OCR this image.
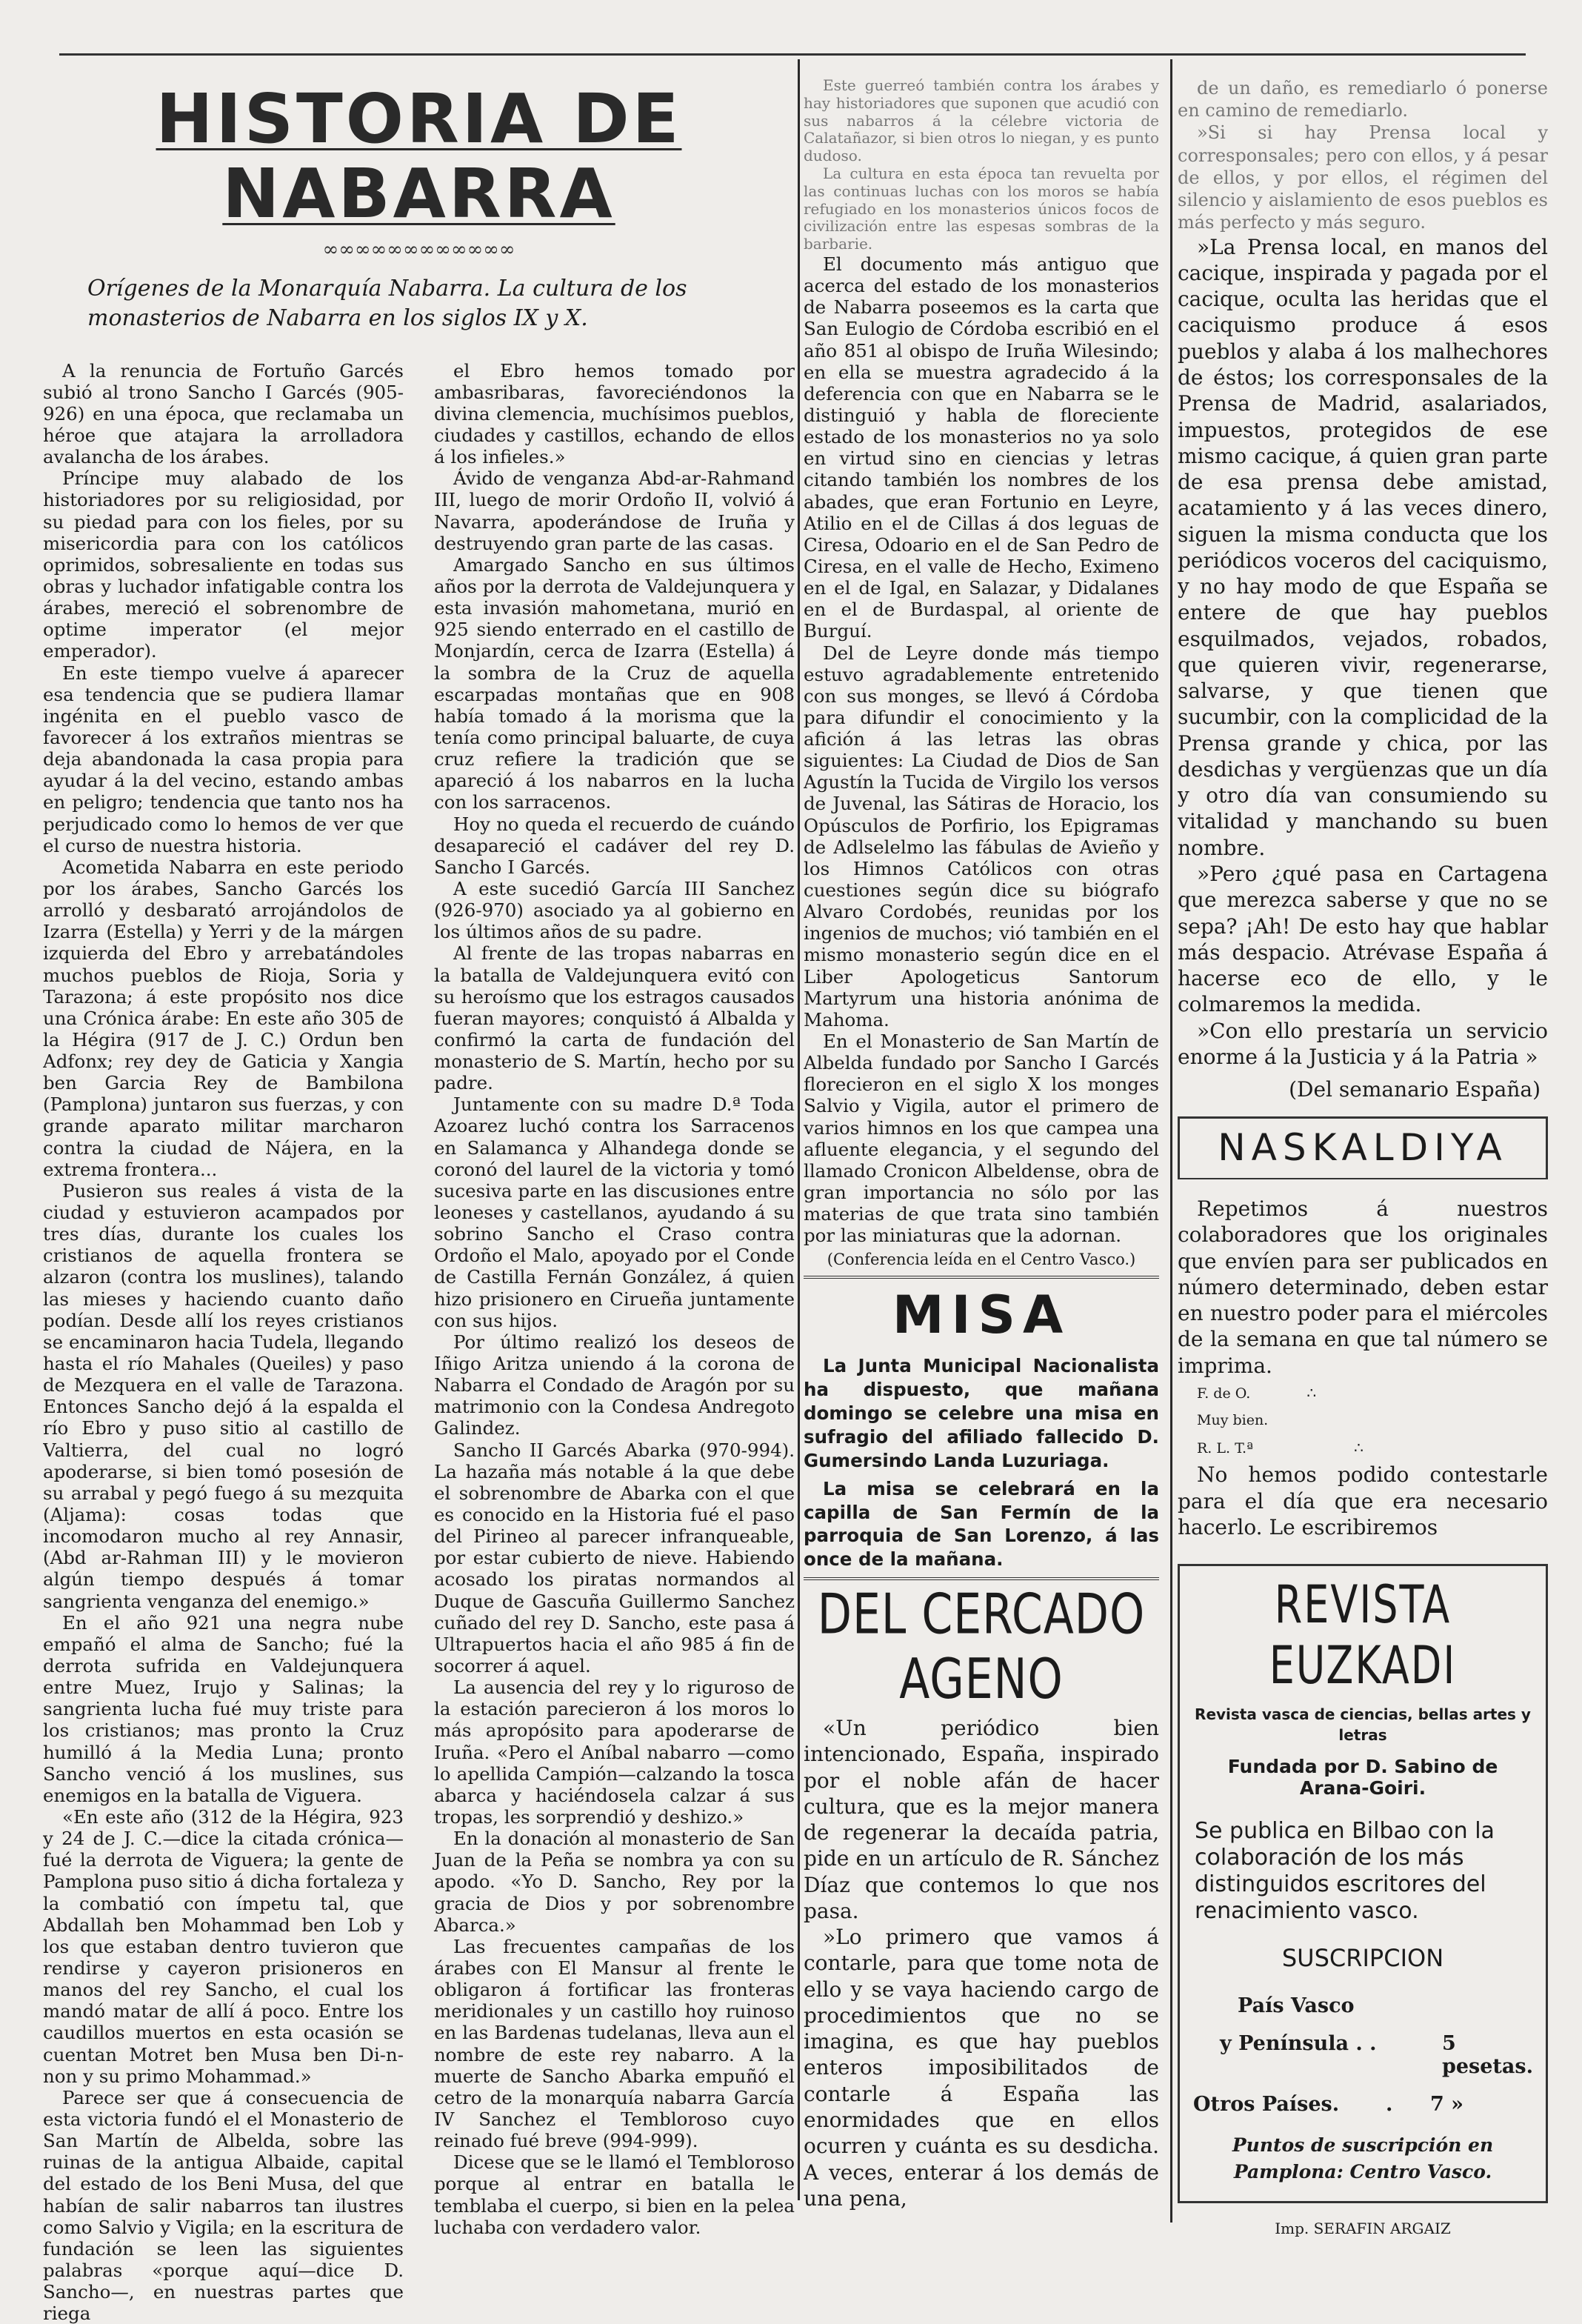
HISTORIA DE NABARRA
∞∞∞∞∞∞∞∞∞∞∞∞
Orígenes de la Monarquía Nabarra. La cultura de los monasterios de Nabarra en los siglos IX y X.

A la renuncia de Fortuño Garcés subió al trono Sancho I Garcés (905-926) en una época, que reclamaba un héroe que atajara la arrolladora avalancha de los árabes.

Príncipe muy alabado de los historiadores por su religiosidad, por su piedad para con los fieles, por su misericordia para con los católicos oprimidos, sobresaliente en todas sus obras y luchador infatigable contra los árabes, mereció el sobrenombre de optime imperator (el mejor emperador).

En este tiempo vuelve á aparecer esa tendencia que se pudiera llamar ingénita en el pueblo vasco de favorecer á los extraños mientras se deja abandonada la casa propia para ayudar á la del vecino, estando ambas en peligro; tendencia que tanto nos ha perjudicado como lo hemos de ver que el curso de nuestra historia.

Acometida Nabarra en este periodo por los árabes, Sancho Garcés los arrolló y desbarató arrojándolos de Izarra (Estella) y Yerri y de la márgen izquierda del Ebro y arrebatándoles muchos pueblos de Rioja, Soria y Tarazona; á este propósito nos dice una Crónica árabe: En este año 305 de la Hégira (917 de J. C.) Ordun ben Adfonx; rey dey de Gaticia y Xangia ben Garcia Rey de Bambilona (Pamplona) juntaron sus fuerzas, y con grande aparato militar marcharon contra la ciudad de Nájera, en la extrema frontera...

Pusieron sus reales á vista de la ciudad y estuvieron acampados por tres días, durante los cuales los cristianos de aquella frontera se alzaron (contra los muslines), talando las mieses y haciendo cuanto daño podían. Desde allí los reyes cristianos se encaminaron hacia Tudela, llegando hasta el río Mahales (Queiles) y paso de Mezquera en el valle de Tarazona. Entonces Sancho dejó á la espalda el río Ebro y puso sitio al castillo de Valtierra, del cual no logró apoderarse, si bien tomó posesión de su arrabal y pegó fuego á su mezquita (Aljama): cosas todas que incomodaron mucho al rey Annasir, (Abd ar-Rahman III) y le movieron algún tiempo después á tomar sangrienta venganza del enemigo.»

En el año 921 una negra nube empañó el alma de Sancho; fué la derrota sufrida en Valdejunquera entre Muez, Irujo y Salinas; la sangrienta lucha fué muy triste para los cristianos; mas pronto la Cruz humilló á la Media Luna; pronto Sancho venció á los muslines, sus enemigos en la batalla de Viguera.

«En este año (312 de la Hégira, 923 y 24 de J. C.—dice la citada crónica—fué la derrota de Viguera; la gente de Pamplona puso sitio á dicha fortaleza y la combatió con ímpetu tal, que Abdallah ben Mohammad ben Lob y los que estaban dentro tuvieron que rendirse y cayeron prisioneros en manos del rey Sancho, el cual los mandó matar de allí á poco. Entre los caudillos muertos en esta ocasión se cuentan Motret ben Musa ben Di-n-non y su primo Mohammad.»

Parece ser que á consecuencia de esta victoria fundó el el Monasterio de San Martín de Albelda, sobre las ruinas de la antigua Albaide, capital del estado de los Beni Musa, del que habían de salir nabarros tan ilustres como Salvio y Vigila; en la escritura de fundación se leen las siguientes palabras «porque aquí—dice D. Sancho—, en nuestras partes que riega

el Ebro hemos tomado por ambasribaras, favoreciéndonos la divina clemencia, muchísimos pueblos, ciudades y castillos, echando de ellos á los infieles.»

Ávido de venganza Abd-ar-Rahmand III, luego de morir Ordoño II, volvió á Navarra, apoderándose de Iruña y destruyendo gran parte de las casas.

Amargado Sancho en sus últimos años por la derrota de Valdejunquera y esta invasión mahometana, murió en 925 siendo enterrado en el castillo de Monjardín, cerca de Izarra (Estella) á la sombra de la Cruz de aquella escarpadas montañas que en 908 había tomado á la morisma que la tenía como principal baluarte, de cuya cruz refiere la tradición que se apareció á los nabarros en la lucha con los sarracenos.

Hoy no queda el recuerdo de cuándo desapareció el cadáver del rey D. Sancho I Garcés.

A este sucedió García III Sanchez (926-970) asociado ya al gobierno en los últimos años de su padre.

Al frente de las tropas nabarras en la batalla de Valdejunquera evitó con su heroísmo que los estragos causados fueran mayores; conquistó á Albalda y confirmó la carta de fundación del monasterio de S. Martín, hecho por su padre.

Juntamente con su madre D.ª Toda Azoarez luchó contra los Sarracenos en Salamanca y Alhandega donde se coronó del laurel de la victoria y tomó sucesiva parte en las discusiones entre leoneses y castellanos, ayudando á su sobrino Sancho el Craso contra Ordoño el Malo, apoyado por el Conde de Castilla Fernán González, á quien hizo prisionero en Cirueña juntamente con sus hijos.

Por último realizó los deseos de Iñigo Aritza uniendo á la corona de Nabarra el Condado de Aragón por su matrimonio con la Condesa Andregoto Galindez.

Sancho II Garcés Abarka (970-994). La hazaña más notable á la que debe el sobrenombre de Abarka con el que es conocido en la Historia fué el paso del Pirineo al parecer infranqueable, por estar cubierto de nieve. Habiendo acosado los piratas normandos al Duque de Gascuña Guillermo Sanchez cuñado del rey D. Sancho, este pasa á Ultrapuertos hacia el año 985 á fin de socorrer á aquel.

La ausencia del rey y lo riguroso de la estación parecieron á los moros lo más apropósito para apoderarse de Iruña. «Pero el Aníbal nabarro —como lo apellida Campión—calzando la tosca abarca y haciéndosela calzar á sus tropas, les sorprendió y deshizo.»

En la donación al monasterio de San Juan de la Peña se nombra ya con su apodo. «Yo D. Sancho, Rey por la gracia de Dios y por sobrenombre Abarca.»

Las frecuentes campañas de los árabes con El Mansur al frente le obligaron á fortificar las fronteras meridionales y un castillo hoy ruinoso en las Bardenas tudelanas, lleva aun el nombre de este rey nabarro. A la muerte de Sancho Abarka empuñó el cetro de la monarquía nabarra García IV Sanchez el Tembloroso cuyo reinado fué breve (994-999).

Dicese que se le llamó el Tembloroso porque al entrar en batalla le temblaba el cuerpo, si bien en la pelea luchaba con verdadero valor.

Este guerreó también contra los árabes y hay historiadores que suponen que acudió con sus nabarros á la célebre victoria de Calatañazor, si bien otros lo niegan, y es punto dudoso.

La cultura en esta época tan revuelta por las continuas luchas con los moros se había refugiado en los monasterios únicos focos de civilización entre las espesas sombras de la barbarie.

El documento más antiguo que acerca del estado de los monasterios de Nabarra poseemos es la carta que San Eulogio de Córdoba escribió en el año 851 al obispo de Iruña Wilesindo; en ella se muestra agradecido á la deferencia con que en Nabarra se le distinguió y habla de floreciente estado de los monasterios no ya solo en virtud sino en ciencias y letras citando también los nombres de los abades, que eran Fortunio en Leyre, Atilio en el de Cillas á dos leguas de Ciresa, Odoario en el de San Pedro de Ciresa, en el valle de Hecho, Eximeno en el de Igal, en Salazar, y Didalanes en el de Burdaspal, al oriente de Burguí.

Del de Leyre donde más tiempo estuvo agradablemente entretenido con sus monges, se llevó á Córdoba para difundir el conocimiento y la afición á las letras las obras siguientes: La Ciudad de Dios de San Agustín la Tucida de Virgilo los versos de Juvenal, las Sátiras de Horacio, los Opúsculos de Porfirio, los Epigramas de Adlselelmo las fábulas de Avieño y los Himnos Católicos con otras cuestiones según dice su biógrafo Alvaro Cordobés, reunidas por los ingenios de muchos; vió también en el mismo monasterio según dice en el Liber Apologeticus Santorum Martyrum una historia anónima de Mahoma.

En el Monasterio de San Martín de Albelda fundado por Sancho I Garcés florecieron en el siglo X los monges Salvio y Vigila, autor el primero de varios himnos en los que campea una afluente elegancia, y el segundo del llamado Cronicon Albeldense, obra de gran importancia no sólo por las materias de que trata sino también por las miniaturas que la adornan.

(Conferencia leída en el Centro Vasco.)
MISA

La Junta Municipal Nacionalista ha dispuesto, que mañana domingo se celebre una misa en sufragio del afiliado fallecido D. Gumersindo Landa Luzuriaga.

La misa se celebrará en la capilla de San Fermín de la parroquia de San Lorenzo, á las once de la mañana.

DEL CERCADO AGENO

«Un periódico bien intencionado, España, inspirado por el noble afán de hacer cultura, que es la mejor manera de regenerar la decaída patria, pide en un artículo de R. Sánchez Díaz que contemos lo que nos pasa.

»Lo primero que vamos á contarle, para que tome nota de ello y se vaya haciendo cargo de procedimientos que no se imagina, es que hay pueblos enteros imposibilitados de contarle á España las enormidades que en ellos ocurren y cuánta es su desdicha. A veces, enterar á los demás de una pena,

de un daño, es remediarlo ó ponerse en camino de remediarlo.

»Si si hay Prensa local y corresponsales; pero con ellos, y á pesar de ellos, y por ellos, el régimen del silencio y aislamiento de esos pueblos es más perfecto y más seguro.

»La Prensa local, en manos del cacique, inspirada y pagada por el cacique, oculta las heridas que el caciquismo produce á esos pueblos y alaba á los malhechores de éstos; los corresponsales de la Prensa de Madrid, asalariados, impuestos, protegidos de ese mismo cacique, á quien gran parte de esa prensa debe amistad, acatamiento y á las veces dinero, siguen la misma conducta que los periódicos voceros del caciquismo, y no hay modo de que España se entere de que hay pueblos esquilmados, vejados, robados, que quieren vivir, regenerarse, salvarse, y que tienen que sucumbir, con la complicidad de la Prensa grande y chica, por las desdichas y vergüenzas que un día y otro día van consumiendo su vitalidad y manchando su buen nombre.

»Pero ¿qué pasa en Cartagena que merezca saberse y que no se sepa? ¡Ah! De esto hay que hablar más despacio. Atrévase España á hacerse eco de ello, y le colmaremos la medida.

»Con ello prestaría un servicio enorme á la Justicia y á la Patria »

(Del semanario España)
NASKALDIYA

Repetimos á nuestros colaboradores que los originales que envíen para ser publicados en número determinado, deben estar en nuestro poder para el miércoles de la semana en que tal número se imprima.

F. de O.	∴
Muy bien.
R. L. T.ª	∴

No hemos podido contestarle para el día que era necesario hacerlo. Le escribiremos

REVISTA EUZKADI
Revista vasca de ciencias, bellas artes y letras
Fundada por D. Sabino de Arana-Goiri.
Se publica en Bilbao con la colaboración de los más distinguidos escritores del renacimiento vasco.
SUSCRIPCION
País Vasco
y Península . .	5 pesetas.
Otros Países.	.	7 »
Puntos de suscripción en Pamplona: Centro Vasco.
Imp. SERAFIN ARGAIZ
